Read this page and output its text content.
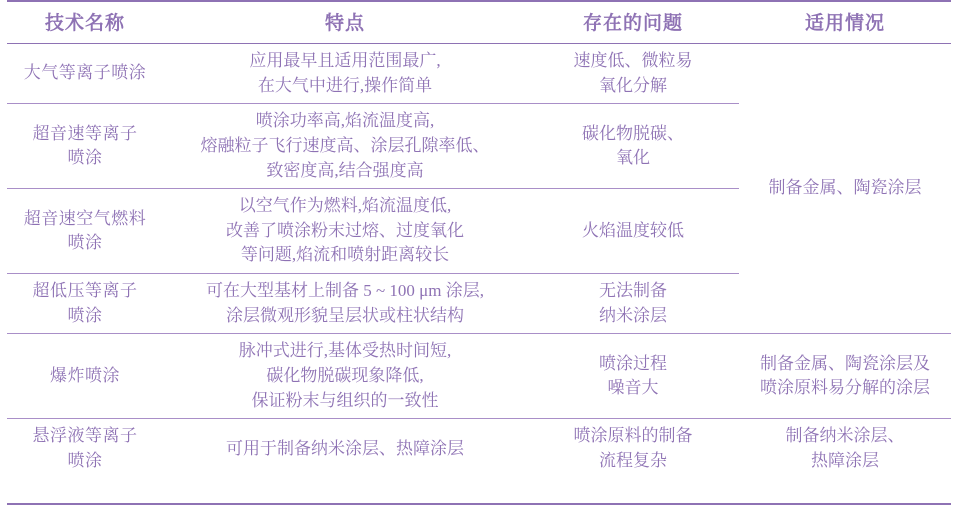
技术名称	特点	存在的问题	适用情况

大气等离子喷涂	应用最早且适用范围最广,
在大气中进行,操作简单	速度低、微粒易
氧化分解	制备金属、陶瓷涂层

超音速等离子
喷涂	喷涂功率高,焰流温度高,
熔融粒子飞行速度高、涂层孔隙率低、
致密度高,结合强度高	碳化物脱碳、
氧化	

超音速空气燃料
喷涂	以空气作为燃料,焰流温度低,
改善了喷涂粉末过熔、过度氧化
等问题,焰流和喷射距离较长	火焰温度较低	

超低压等离子
喷涂	可在大型基材上制备 5 ~ 100 μm 涂层,
涂层微观形貌呈层状或柱状结构	无法制备
纳米涂层	

爆炸喷涂	脉冲式进行,基体受热时间短,
碳化物脱碳现象降低,
保证粉末与组织的一致性	喷涂过程
噪音大	制备金属、陶瓷涂层及
喷涂原料易分解的涂层

悬浮液等离子
喷涂	可用于制备纳米涂层、热障涂层	喷涂原料的制备
流程复杂	制备纳米涂层、
热障涂层
